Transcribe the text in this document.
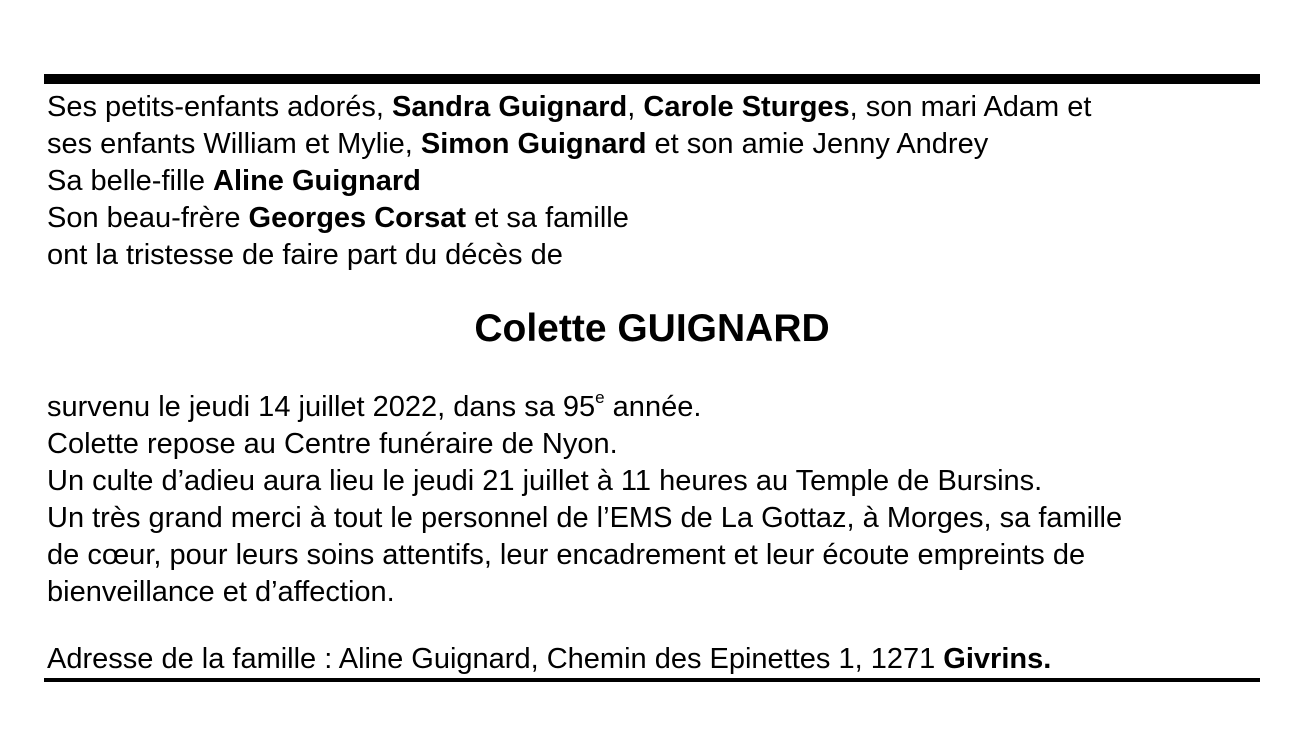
Ses petits-enfants adorés, Sandra Guignard, Carole Sturges, son mari Adam et
ses enfants William et Mylie, Simon Guignard et son amie Jenny Andrey
Sa belle-fille Aline Guignard
Son beau-frère Georges Corsat et sa famille
ont la tristesse de faire part du décès de
Colette GUIGNARD
survenu le jeudi 14 juillet 2022, dans sa 95e année.
Colette repose au Centre funéraire de Nyon.
Un culte d’adieu aura lieu le jeudi 21 juillet à 11 heures au Temple de Bursins.
Un très grand merci à tout le personnel de l’EMS de La Gottaz, à Morges, sa famille
de cœur, pour leurs soins attentifs, leur encadrement et leur écoute empreints de
bienveillance et d’affection.
Adresse de la famille : Aline Guignard, Chemin des Epinettes 1, 1271 Givrins.
